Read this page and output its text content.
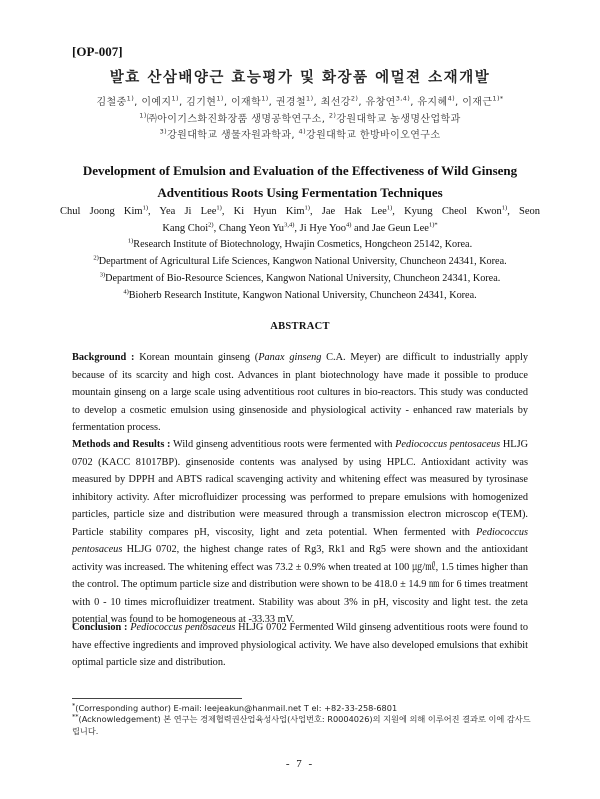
[OP-007]
발효 산삼배양근 효능평가 및 화장품 에멀젼 소재개발
김철중$^{1)}$, 이예지$^{1)}$, 김기현$^{1)}$, 이재학$^{1)}$, 권경철$^{1)}$, 최선강$^{2)}$, 유창연$^{3,4)}$, 유지혜$^{4)}$, 이재근$^{1)*}$
$^{1)}$㈜아이기스화진화장품 생명공학연구소, $^{2)}$강원대학교 농생명산업학과
$^{3)}$강원대학교 생물자원과학과, $^{4)}$강원대학교 한방바이오연구소
Development of Emulsion and Evaluation of the Effectiveness of Wild Ginseng
Adventitious Roots Using Fermentation Techniques
Chul Joong Kim$^{1)}$, Yea Ji Lee$^{1)}$, Ki Hyun Kim$^{1)}$, Jae Hak Lee$^{1)}$, Kyung Cheol Kwon$^{1)}$, Seon
Kang Choi$^{2)}$, Chang Yeon Yu$^{3,4)}$, Ji Hye Yoo$^{4)}$ and Jae Geun Lee$^{1)*}$
$^{1)}$Research Institute of Biotechnology, Hwajin Cosmetics, Hongcheon 25142, Korea.
$^{2)}$Department of Agricultural Life Sciences, Kangwon National University, Chuncheon 24341, Korea.
$^{3)}$Department of Bio-Resource Sciences, Kangwon National University, Chuncheon 24341, Korea.
$^{4)}$Bioherb Research Institute, Kangwon National University, Chuncheon 24341, Korea.
ABSTRACT
Background : Korean mountain ginseng (Panax ginseng C.A. Meyer) are difficult to industrially apply because of its scarcity and high cost. Advances in plant biotechnology have made it possible to produce mountain ginseng on a large scale using adventitious root cultures in bio-reactors. This study was conducted to develop a cosmetic emulsion using ginsenoside and physiological activity - enhanced raw materials by fermentation process.
Methods and Results : Wild ginseng adventitious roots were fermented with Pediococcus pentosaceus HLJG 0702 (KACC 81017BP). ginsenoside contents was analysed by using HPLC. Antioxidant activity was measured by DPPH and ABTS radical scavenging activity and whitening effect was measured by tyrosinase inhibitory activity. After microfluidizer processing was performed to prepare emulsions with homogenized particles, particle size and distribution were measured through a transmission electron microscop e(TEM). Particle stability compares pH, viscosity, light and zeta potential. When fermented with Pediococcus pentosaceus HLJG 0702, the highest change rates of Rg3, Rk1 and Rg5 were shown and the antioxidant activity was increased. The whitening effect was 73.2 ± 0.9% when treated at 100 ㎍/㎖, 1.5 times higher than the control. The optimum particle size and distribution were shown to be 418.0 ± 14.9 ㎚ for 6 times treatment with 0 - 10 times microfluidizer treatment. Stability was about 3% in pH, viscosity and light test. the zeta potential was found to be homogeneous at -33.33 mV.
Conclusion : Pediococcus pentosaceus HLJG 0702 Fermented Wild ginseng adventitious roots were found to have effective ingredients and improved physiological activity. We have also developed emulsions that exhibit optimal particle size and distribution.
*(Corresponding author) E-mail: leejeakun@hanmail.net T el: +82-33-258-6801
**(Acknowledgement) 본 연구는 경제협력권산업육성사업(사업번호: R0004026)의 지원에 의해 이루어진 결과로 이에 감사드립니다.
- 7 -
